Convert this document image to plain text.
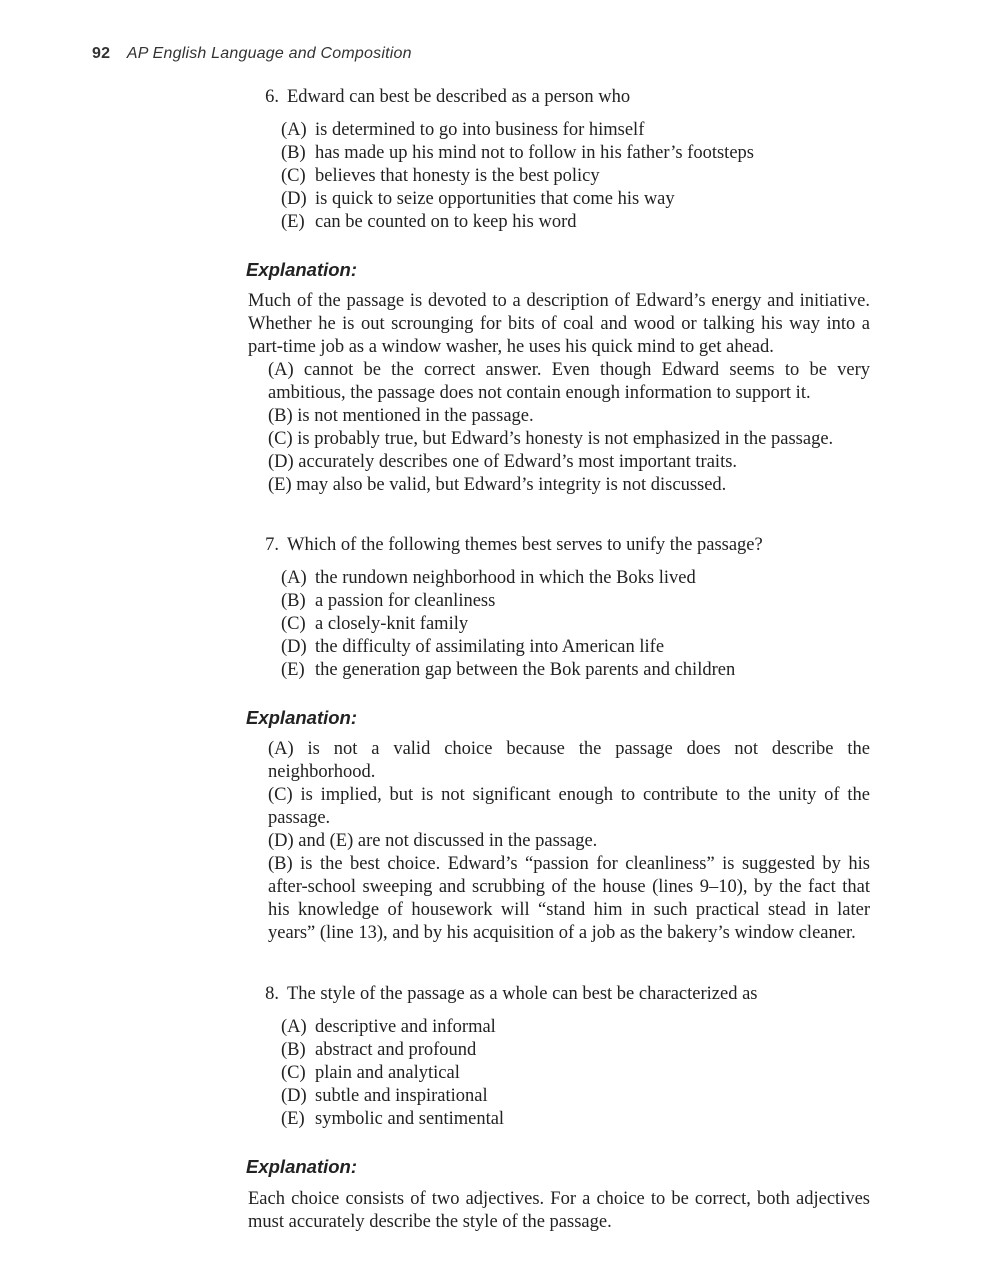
92 AP English Language and Composition
6. Edward can best be described as a person who
(A) is determined to go into business for himself
(B) has made up his mind not to follow in his father’s footsteps
(C) believes that honesty is the best policy
(D) is quick to seize opportunities that come his way
(E) can be counted on to keep his word
Explanation:

Much of the passage is devoted to a description of Edward’s energy and initiative. Whether he is out scrounging for bits of coal and wood or talking his way into a part-time job as a window washer, he uses his quick mind to get ahead.

(A) cannot be the correct answer. Even though Edward seems to be very ambitious, the passage does not contain enough information to support it.

(B) is not mentioned in the passage.

(C) is probably true, but Edward’s honesty is not emphasized in the passage.

(D) accurately describes one of Edward’s most important traits.

(E) may also be valid, but Edward’s integrity is not discussed.

7. Which of the following themes best serves to unify the passage?
(A) the rundown neighborhood in which the Boks lived
(B) a passion for cleanliness
(C) a closely-knit family
(D) the difficulty of assimilating into American life
(E) the generation gap between the Bok parents and children
Explanation:

(A) is not a valid choice because the passage does not describe the neighborhood.

(C) is implied, but is not significant enough to contribute to the unity of the passage.

(D) and (E) are not discussed in the passage.

(B) is the best choice. Edward’s “passion for cleanliness” is suggested by his after-school sweeping and scrubbing of the house (lines 9–10), by the fact that his knowledge of housework will “stand him in such practical stead in later years” (line 13), and by his acquisition of a job as the bakery’s window cleaner.

8. The style of the passage as a whole can best be characterized as
(A) descriptive and informal
(B) abstract and profound
(C) plain and analytical
(D) subtle and inspirational
(E) symbolic and sentimental
Explanation:

Each choice consists of two adjectives. For a choice to be correct, both adjectives must accurately describe the style of the passage.
